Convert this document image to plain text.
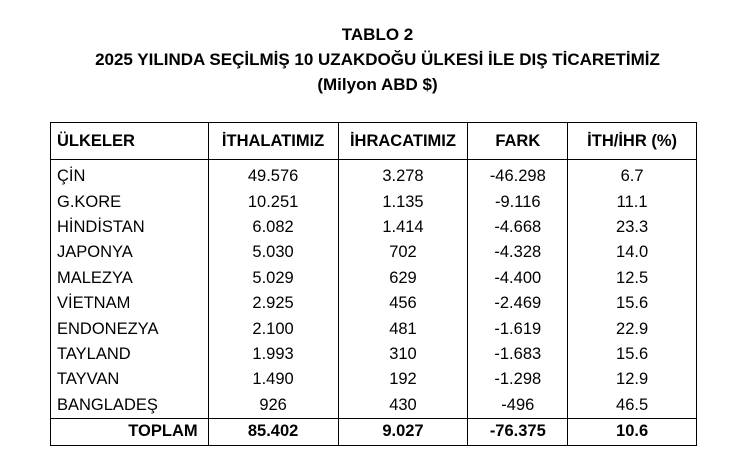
TABLO 2
2025 YILINDA SEÇİLMİŞ 10 UZAKDOĞU ÜLKESİ İLE DIŞ TİCARETİMİZ
(Milyon ABD $)
ÜLKELER	İTHALATIMIZ	İHRACATIMIZ	FARK	İTH/İHR (%)
ÇİN	49.576	3.278	-46.298	6.7
G.KORE	10.251	1.135	-9.116	11.1
HİNDİSTAN	6.082	1.414	-4.668	23.3
JAPONYA	5.030	702	-4.328	14.0
MALEZYA	5.029	629	-4.400	12.5
VİETNAM	2.925	456	-2.469	15.6
ENDONEZYA	2.100	481	-1.619	22.9
TAYLAND	1.993	310	-1.683	15.6
TAYVAN	1.490	192	-1.298	12.9
BANGLADEŞ	926	430	-496	46.5
TOPLAM	85.402	9.027	-76.375	10.6
